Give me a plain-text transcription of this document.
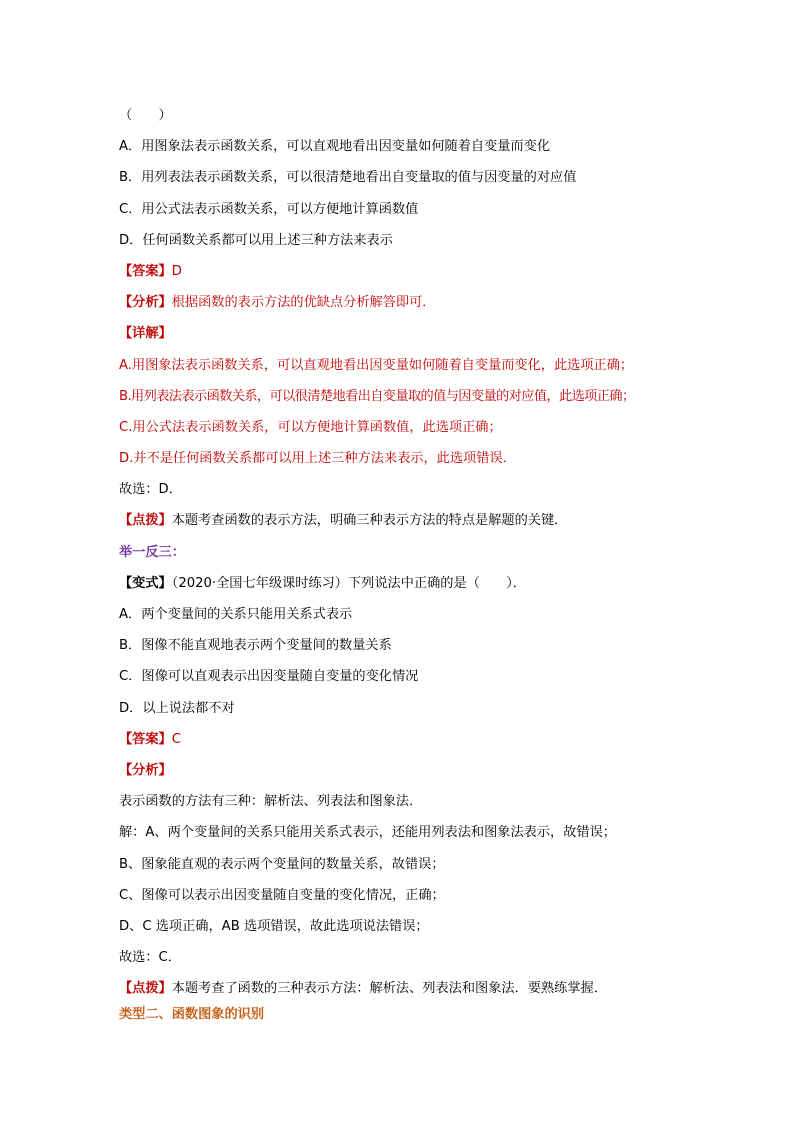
（　　）
A．用图象法表示函数关系，可以直观地看出因变量如何随着自变量而变化
B．用列表法表示函数关系，可以很清楚地看出自变量取的值与因变量的对应值
C．用公式法表示函数关系，可以方便地计算函数值
D．任何函数关系都可以用上述三种方法来表示
【答案】D
【分析】根据函数的表示方法的优缺点分析解答即可．
【详解】
A.用图象法表示函数关系，可以直观地看出因变量如何随着自变量而变化，此选项正确；
B.用列表法表示函数关系，可以很清楚地看出自变量取的值与因变量的对应值，此选项正确；
C.用公式法表示函数关系，可以方便地计算函数值，此选项正确；
D.并不是任何函数关系都可以用上述三种方法来表示，此选项错误．
故选：D．
【点拨】本题考查函数的表示方法，明确三种表示方法的特点是解题的关键．
举一反三：
【变式】（2020·全国七年级课时练习）下列说法中正确的是（　　）．
A．两个变量间的关系只能用关系式表示
B．图像不能直观地表示两个变量间的数量关系
C．图像可以直观表示出因变量随自变量的变化情况
D．以上说法都不对
【答案】C
【分析】
表示函数的方法有三种：解析法、列表法和图象法．
解：A、两个变量间的关系只能用关系式表示，还能用列表法和图象法表示，故错误；
B、图象能直观的表示两个变量间的数量关系，故错误；
C、图像可以表示出因变量随自变量的变化情况，正确；
D、C 选项正确，AB 选项错误，故此选项说法错误；
故选：C．
【点拨】本题考查了函数的三种表示方法：解析法、列表法和图象法．要熟练掌握．
类型二、函数图象的识别
